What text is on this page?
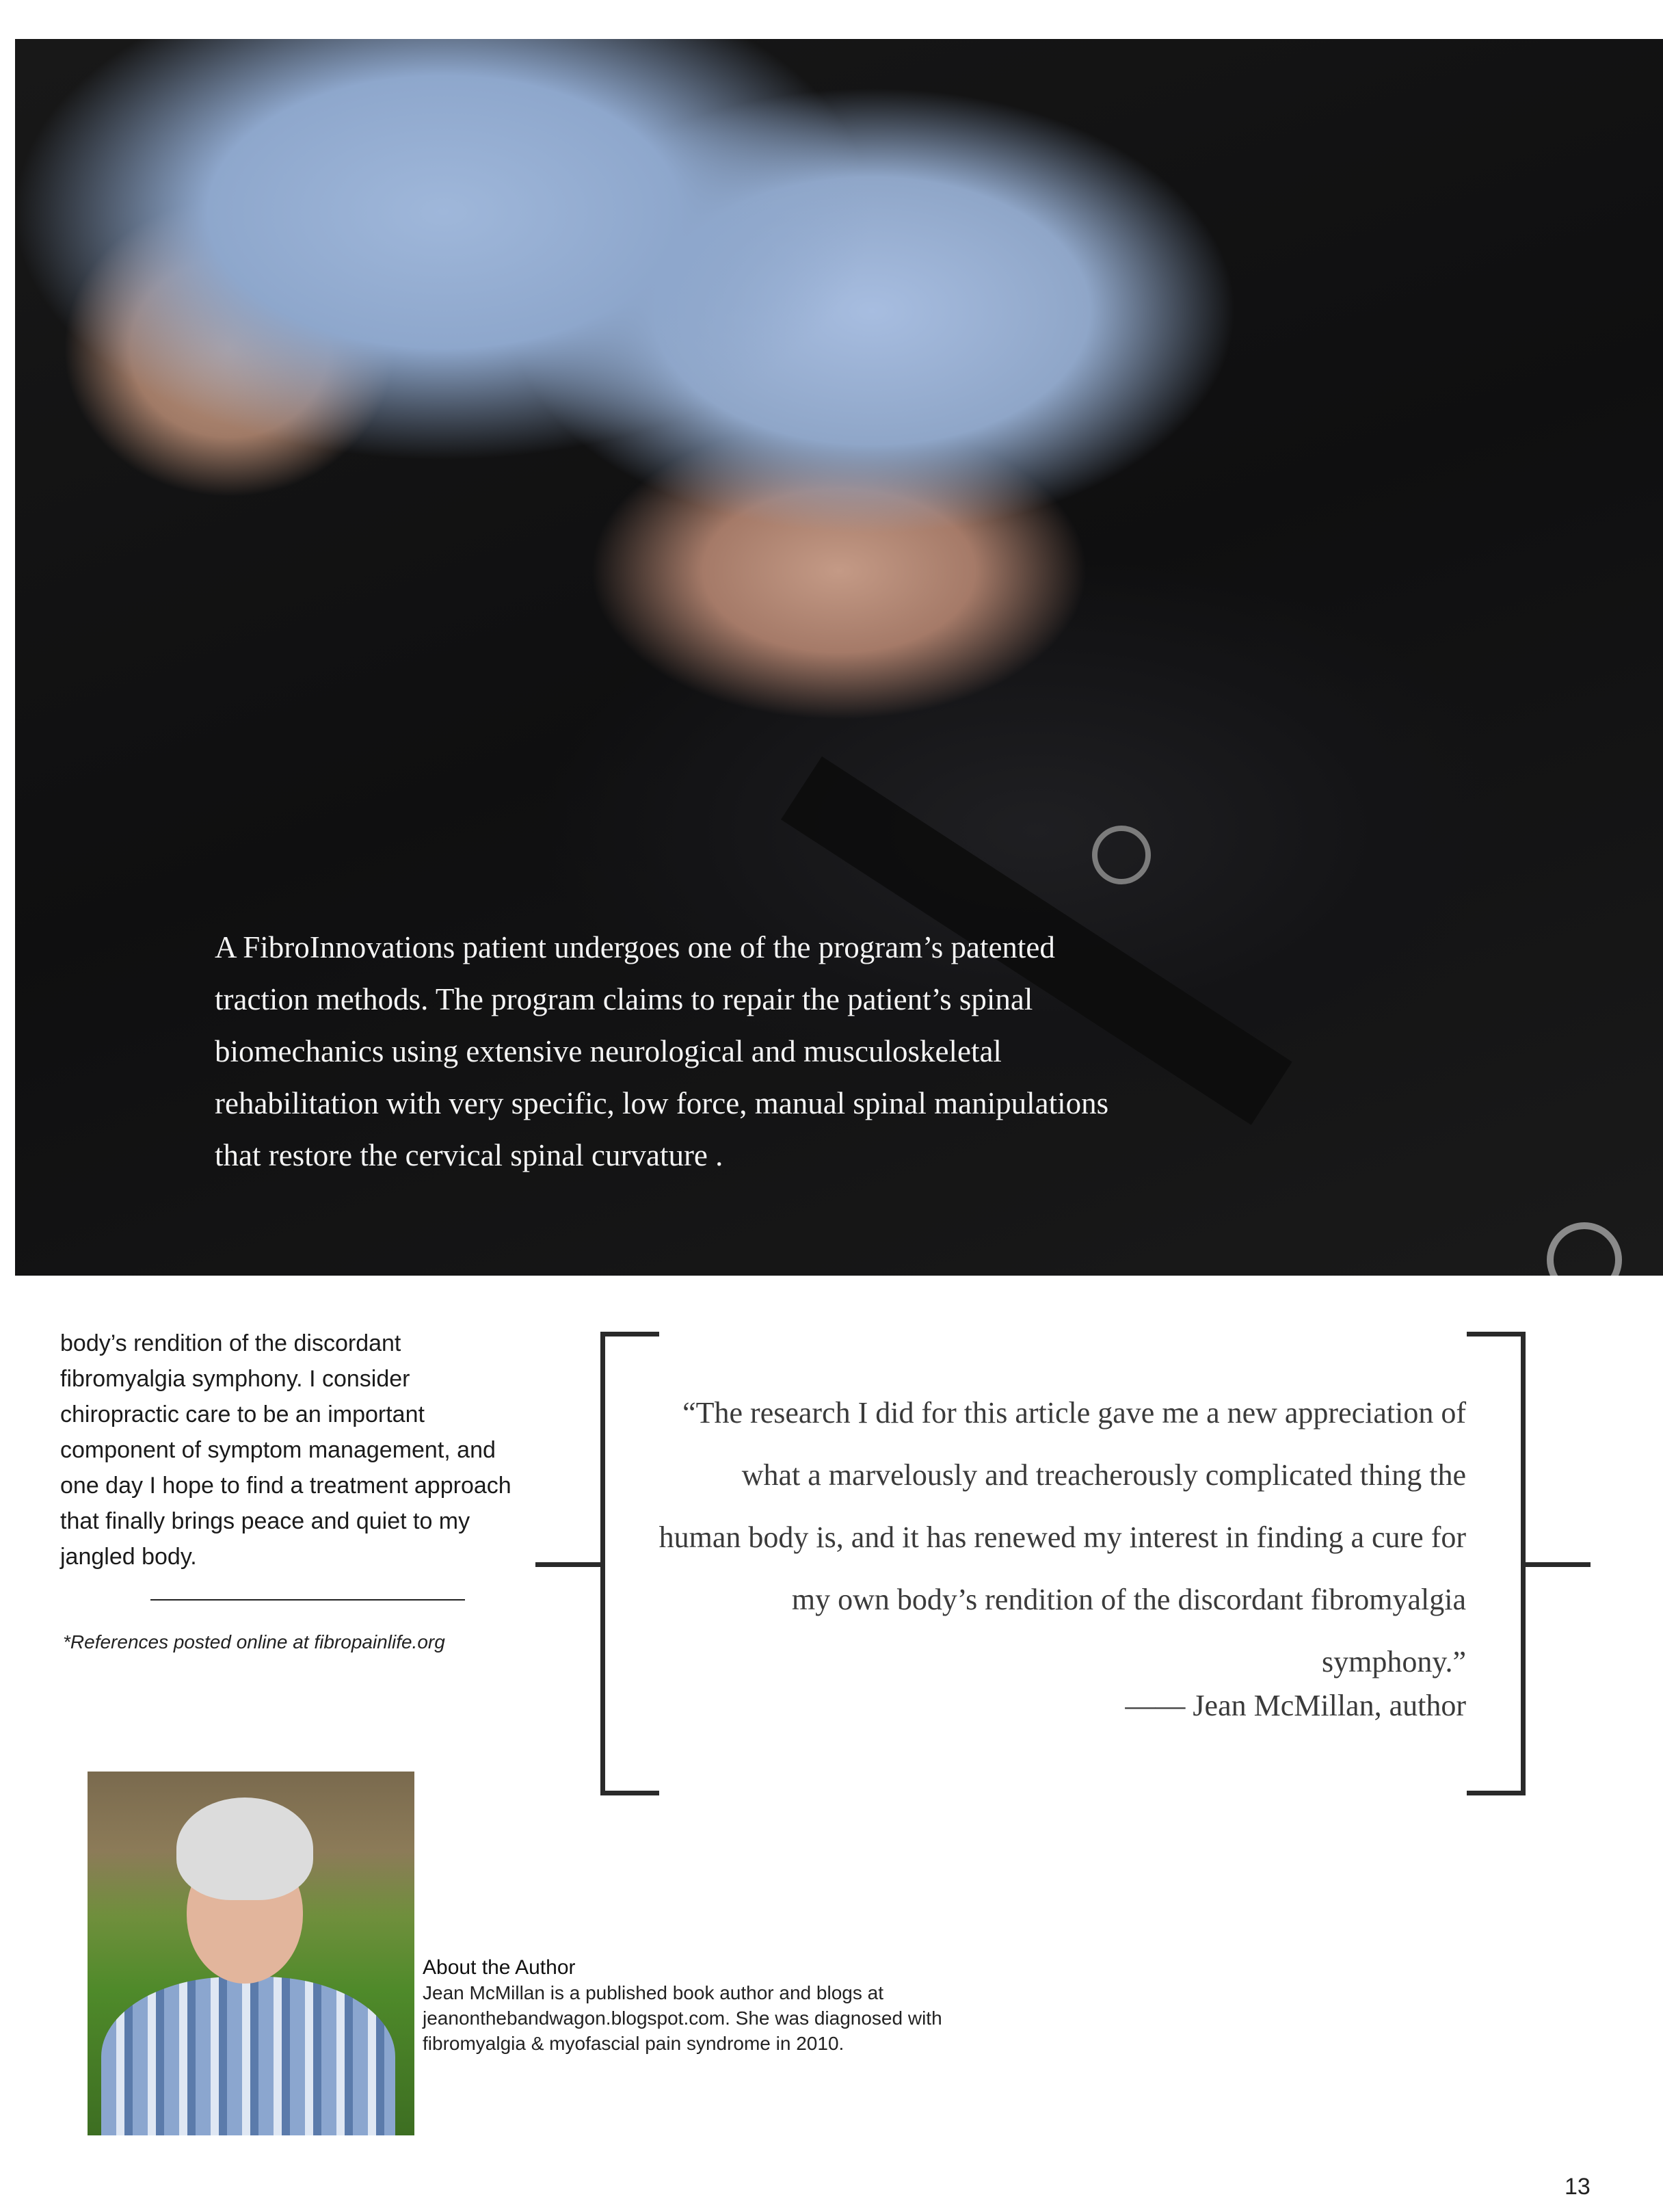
A FibroInnovations patient undergoes one of the program’s patented traction methods. The program claims to repair the patient’s spinal biomechanics using extensive neurological and musculoskeletal rehabilitation with very specific, low force, manual spinal manipulations that restore the cervical spinal curvature .

body’s rendition of the discordant fibromyalgia symphony. I consider chiropractic care to be an important component of symptom management, and one day I hope to find a treatment approach that finally brings peace and quiet to my jangled body.

*References posted online at fibropainlife.org

“The research I did for this article gave me a new appreciation of what a marvelously and treacherously complicated thing the human body is, and it has renewed my interest in finding a cure for my own body’s rendition of the discordant fibromyalgia symphony.”

—— Jean McMillan, author

About the Author
Jean McMillan is a published book author and blogs at jeanonthebandwagon.blogspot.com. She was diagnosed with fibromyalgia & myofascial pain syndrome in 2010.

13
